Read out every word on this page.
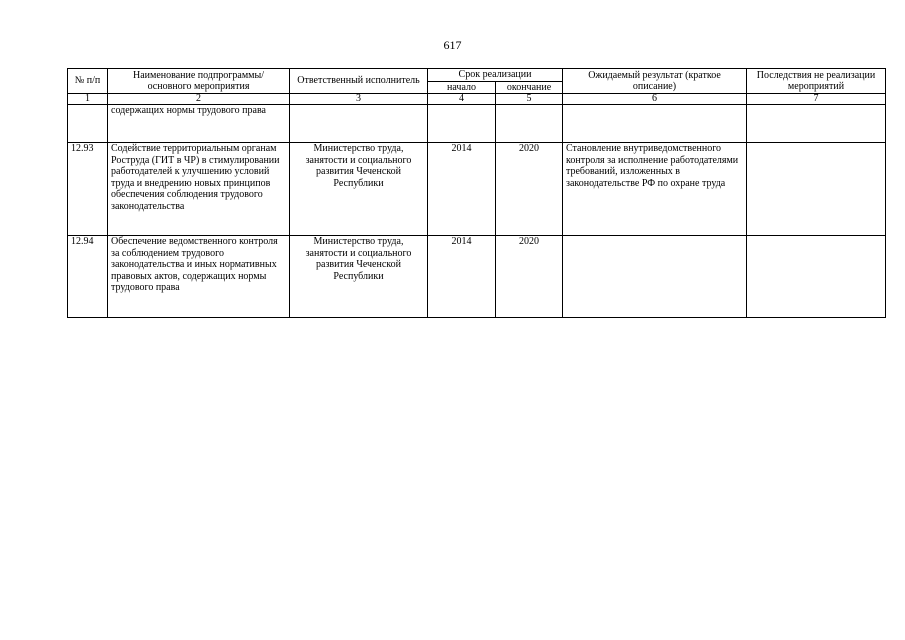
617
№ п/п	Наименование подпрограммы/ основного мероприятия	Ответственный исполнитель	Срок реализации		Ожидаемый результат (краткое описание)	Последствия не реализации мероприятий
			начало	окончание		
1	2	3	4	5	6	7
	содержащих нормы трудового права					
12.93	Содействие территориальным органам Роструда (ГИТ в ЧР) в стимулировании работодателей к улучшению условий труда и внедрению новых принципов обеспечения соблюдения трудового законодательства	Министерство труда, занятости и социального развития Чеченской Республики	2014	2020	Становление внутриведомственного контроля за исполнение работодателями требований, изложенных в законодательстве РФ по охране труда	
12.94	Обеспечение ведомственного контроля за соблюдением трудового законодательства и иных нормативных правовых актов, содержащих нормы трудового права	Министерство труда, занятости и социального развития Чеченской Республики	2014	2020		
